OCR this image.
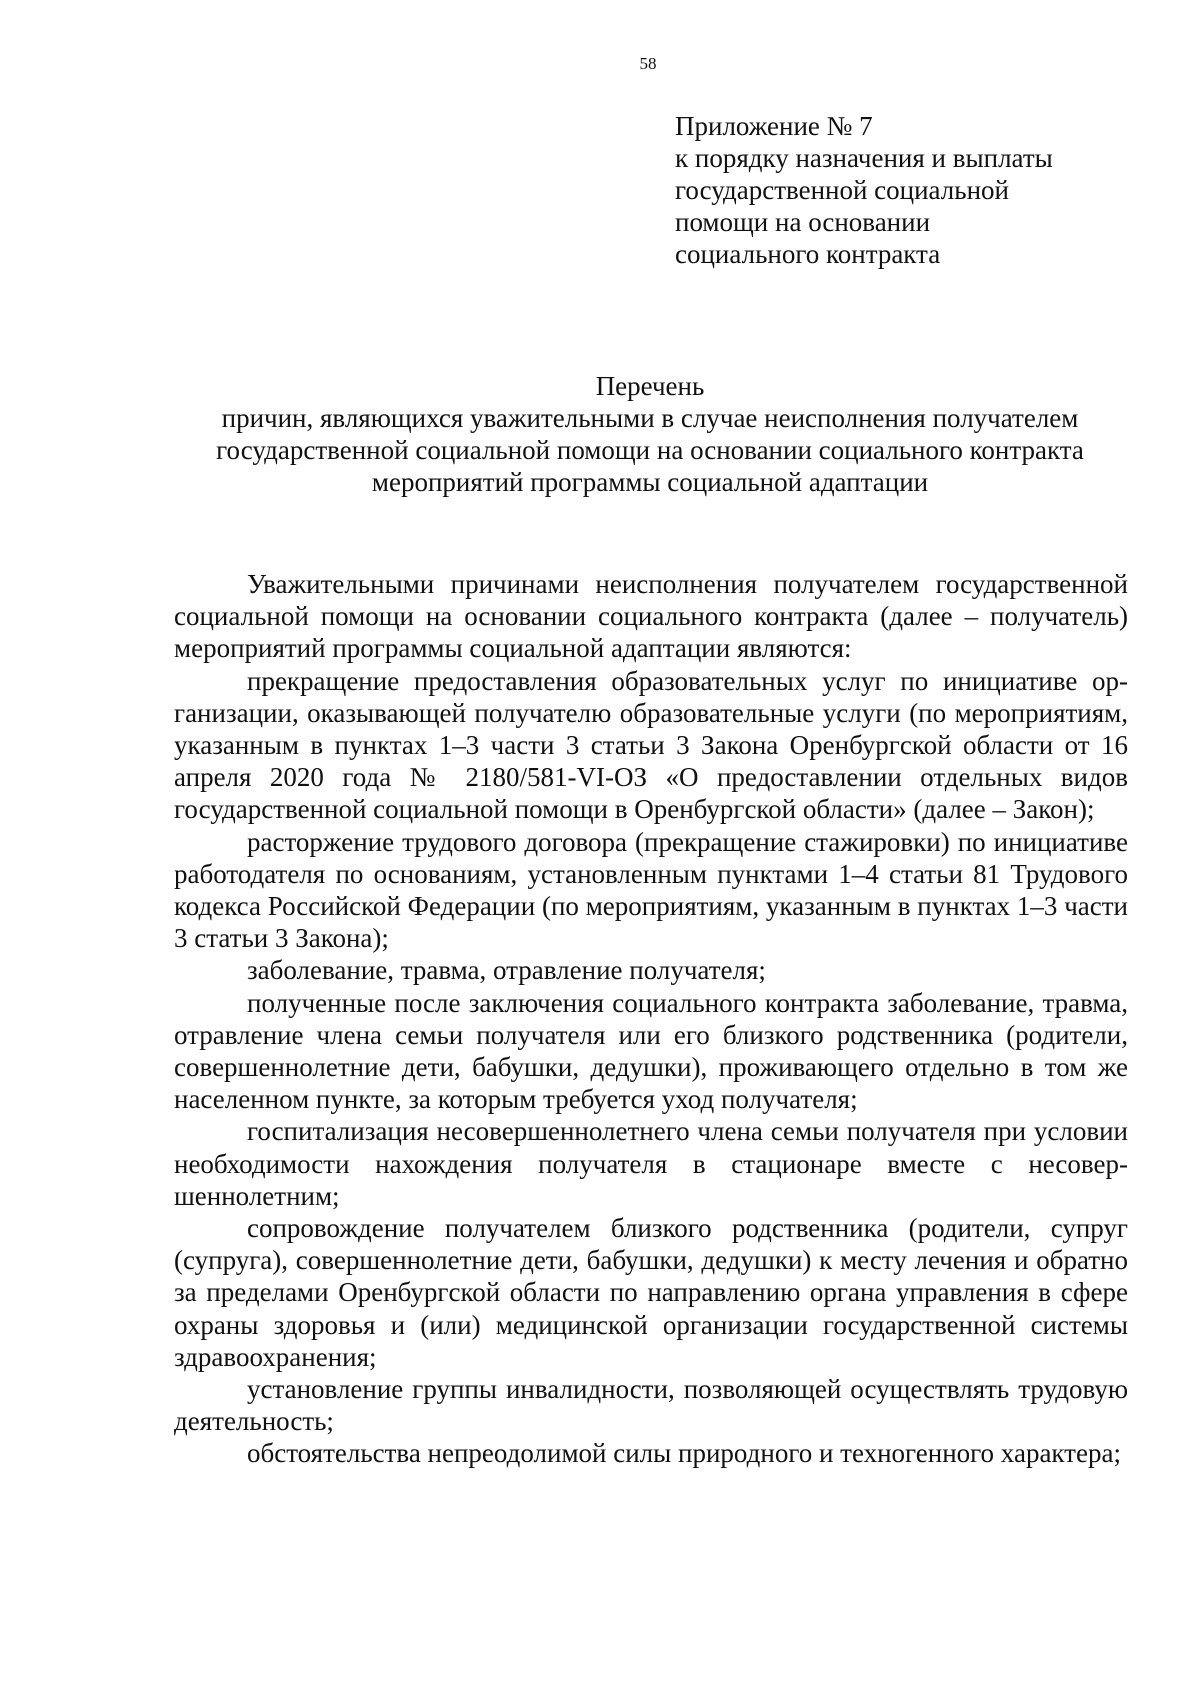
58
Приложение № 7
к порядку назначения и выплаты
государственной социальной
помощи на основании
социального контракта
Перечень
причин, являющихся уважительными в случае неисполнения получателем
государственной социальной помощи на основании социального контракта
мероприятий программы социальной адаптации

Уважительными причинами неисполнения получателем государственной социальной помощи на основании социального контракта (далее – получатель) мероприятий программы социальной адаптации являются:

прекращение предоставления образовательных услуг по инициативе организации, оказывающей получателю образовательные услуги (по мероприятиям, указанным в пунктах 1–3 части 3 статьи 3 Закона Оренбургской области от 16 апреля 2020 года № 2180/581-VI-ОЗ «О предоставлении отдельных видов государственной социальной помощи в Оренбургской области» (далее – Закон);

расторжение трудового договора (прекращение стажировки) по инициативе работодателя по основаниям, установленным пунктами 1–4 статьи 81 Трудового кодекса Российской Федерации (по мероприятиям, указанным в пунктах 1–3 части 3 статьи 3 Закона);

заболевание, травма, отравление получателя;

полученные после заключения социального контракта заболевание, травма, отравление члена семьи получателя или его близкого родственника (родители, совершеннолетние дети, бабушки, дедушки), проживающего отдельно в том же населенном пункте, за которым требуется уход получателя;

госпитализация несовершеннолетнего члена семьи получателя при условии необходимости нахождения получателя в стационаре вместе с несовершеннолетним;

сопровождение получателем близкого родственника (родители, супруг (супруга), совершеннолетние дети, бабушки, дедушки) к месту лечения и обратно за пределами Оренбургской области по направлению органа управления в сфере охраны здоровья и (или) медицинской организации государственной системы здравоохранения;

установление группы инвалидности, позволяющей осуществлять трудовую деятельность;

обстоятельства непреодолимой силы природного и техногенного характера;
